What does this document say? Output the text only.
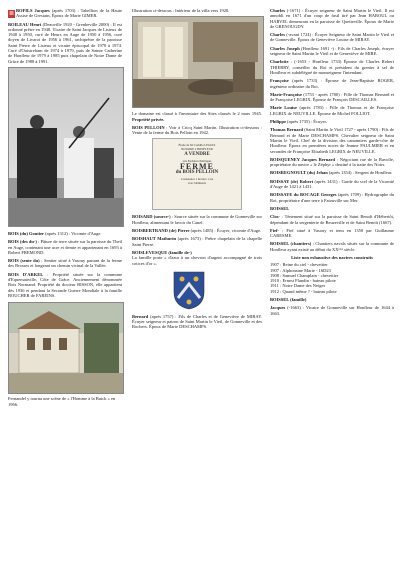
BOFILS Jacques (après 1703) : Tabellion de la Haute Assise de Grestain, Époux de Marie GIMER.

BOILEAU Henri (Deauville 1920 - Grenbeville 2000) : Il est ordonné prêtre en 1948. Vicaire de Saint Jacques de Lisieux de 1948 à 1950, curé de Heurs en Auge de 1950 à 1956, curé doyen de Livarot de 1956 à 1961, archiprêtre de la paroisse Saint Pierre de Lisieux et vicaire épiscopal de 1970 à 1974. Curé d'Ouistreham de 1974 à 1979, puis de Sainte Catherine de Honfleur de 1979 à 1985 puis chapelain de Notre Dame de Grâce de 1988 à 1991.

BOIS (du) Goutier (après 1312) : Vicomte d'Auge.

BOIS (des du-) : Pâture de terre située sur la paroisse du Theil en Auge, contenant une acre et demie et appartenant en 1693 à Robert FREMOND.

BOIS (sente du) : Sentier situé à Vasouy partant de la ferme des Brosses et longeant un chemin vicinal de la Vallée.

BOIS D'ARKEL : Propriété située sur la commune d'Equemauville, Côte de Grâce. Anciennement dénommée Bois Normand. Propriété du docteur BISSON, elle appartient dès 1936 et pendant la Seconde Guerre Mondiale à la famille BOUCHER de FAREINS.

Fernandel y tourna une scène de « l'Homme à la Buick » en 1966.

Illustration ci-dessous : Intérieur de la villa vers 1920.

Le domaine est classé à l'inventaire des Sites classés le 2 mars 1945. Propriété privée.

BOIS PELLOIN : Voir à Cricq Saint Martin. Illustration ci-dessous : Vente de la ferme du Bois Pelloin en 1942.

Étude de Mᵉ Camille LEGUIX
NOTAIRE à HONFLEUR
A VENDRE
aux Enchères Publiques
FERME
du BOIS PELLOIN
Contenance 1 hectare 1 are
avec bâtiments

BOISARD (source-) : Source située sur la commune de Gonneville sur Honfleur, alimentant le lavoir du Canel.

BOISBERTRAND (de) Pierre (après 1485) : Écuyer, vicomte d'Auge.

BOISHAUT Mathurin (après 1673) : Prêtre chapelain de la chapelle Saint Pierre.

BOISLEVESQUE (famille de-)
La famille porte « d'azur à un chevron d'argent accompagné de trois cotices d'or ».

Bernard (après 1757) : Fils de Charles et de Geneviève de MIRAY. Écuyer seigneur et patron de Saint Martin le Vieil, de Gonneville et des Rochers. Époux de Marie DESCHAMPS.

Charles (-1671) : Écuyer seigneur de Saint Martin le Vieil. Il est annobli en 1671 d'un coup de fusil tiré par Jean HAROUL ou HARVEL demeurant en la paroisse de Quetteville. Époux de Marie de GRENOUGDY.

Charles (-avant 1724) : Écuyer Seigneur de Saint Martin le Vieil et de Gonneville. Époux de Geneviève Louise de MIRAY.

Charles Joseph (Honfleur 1691 -) : Fils de Charles Joseph, écuyer seigneur de Saint Martin le Vieil et de Geneviève de MIRE.

Charlotte : (-1653 - Honfleur 1733) Épouse de Charles Robert THIERRY, conseiller du Roi et président du grenier à sel de Honfleur et subdélégué de monseigneur l'intendant.

Françoise (après 1733) : Épouse de Jean-Baptiste ROGER, ingénieur ordinaire du Roi.

Marie-Françoise (1753 - après 1780) : Fille de Thomas Bernard et de Françoise LEGRIX. Épouse de François DESCAILLES.

Marie Louise (après 1783) : Fille de Thomas et de Françoise LEGRIX de NEUVILLE. Épouse de Michel FOLLIOT.

Philippe (après 1735) : Écuyer.

Thomas Bernard (Saint Martin le Vieil 1727 - après 1790) : Fils de Bernard et de Marie DESCHAMPS. Chevalier seigneur de Saint Martin le Vieil. Chef de la division des canonniers garde-côte de Honfleur. Époux en premières noces de Jeanne PAULMIER et en secondes de Françoise Elisabeth LEGRIX de NEUVILLE.

BOISQUENEY Jacques Bernard : Négociant rue de la Bavolle, propriétaire du navire « le Zéphyr » destiné à la traite des Noirs.

BOISREGNOULT (du) Jehan (après 1354) : Sergent de Honfleur.

BOISSAY (de) Robert (après 1431) : Garde du scel de la Vicomté d'Auge de 1421 à 1431.

BOISSAYE du BOCAGE Georges (après 1709) : Hydrographe du Roi, propriétaire d'une terre à Fatouville sur Mer.

BOISSEL

Clos- : Tènement situé sur la paroisse de Saint Benoît d'Hébertôt, dépendant de la sergenterie de Beuzeville et de Saint Benoît (1667).

Fief- : Fief situé à Vasouy et tenu en 1350 par Guillaume CARESME.

BOISSEL (chantiers) : Chantiers navals situés sur la commune de Honfleur ayant existé au début du XXᵉᵐᵉ siècle.

Liste non exhaustive des navires construits

1907 : Reine du ciel - chevettier

1907 : Alphonsine Marie - 16D23

1908 : Samuel Champlain - chevettier

1910 : Ernest Flandin - bateau pilote

1911 : Notre Dame des Neiges

1912 : Quand même ? - bateau pilote

BOISSEL (famille)

Jacques (-1663) : Vicaire de Gonneville sur Honfleur de 1644 à 1663.
